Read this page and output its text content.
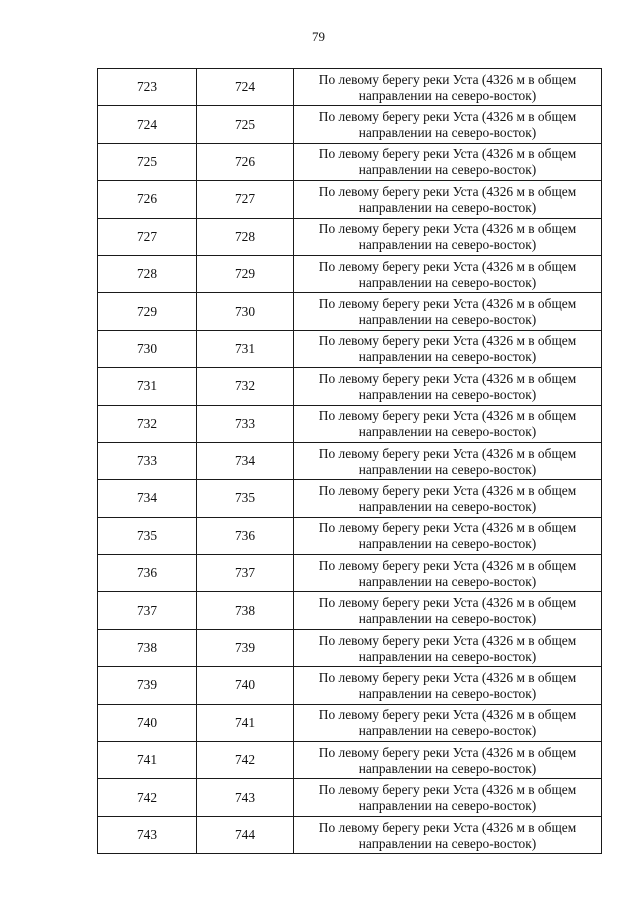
79
723	724	По левому берегу реки Уста (4326 м в общем
направлении на северо-восток)

724	725	По левому берегу реки Уста (4326 м в общем
направлении на северо-восток)

725	726	По левому берегу реки Уста (4326 м в общем
направлении на северо-восток)

726	727	По левому берегу реки Уста (4326 м в общем
направлении на северо-восток)

727	728	По левому берегу реки Уста (4326 м в общем
направлении на северо-восток)

728	729	По левому берегу реки Уста (4326 м в общем
направлении на северо-восток)

729	730	По левому берегу реки Уста (4326 м в общем
направлении на северо-восток)

730	731	По левому берегу реки Уста (4326 м в общем
направлении на северо-восток)

731	732	По левому берегу реки Уста (4326 м в общем
направлении на северо-восток)

732	733	По левому берегу реки Уста (4326 м в общем
направлении на северо-восток)

733	734	По левому берегу реки Уста (4326 м в общем
направлении на северо-восток)

734	735	По левому берегу реки Уста (4326 м в общем
направлении на северо-восток)

735	736	По левому берегу реки Уста (4326 м в общем
направлении на северо-восток)

736	737	По левому берегу реки Уста (4326 м в общем
направлении на северо-восток)

737	738	По левому берегу реки Уста (4326 м в общем
направлении на северо-восток)

738	739	По левому берегу реки Уста (4326 м в общем
направлении на северо-восток)

739	740	По левому берегу реки Уста (4326 м в общем
направлении на северо-восток)

740	741	По левому берегу реки Уста (4326 м в общем
направлении на северо-восток)

741	742	По левому берегу реки Уста (4326 м в общем
направлении на северо-восток)

742	743	По левому берегу реки Уста (4326 м в общем
направлении на северо-восток)

743	744	По левому берегу реки Уста (4326 м в общем
направлении на северо-восток)
